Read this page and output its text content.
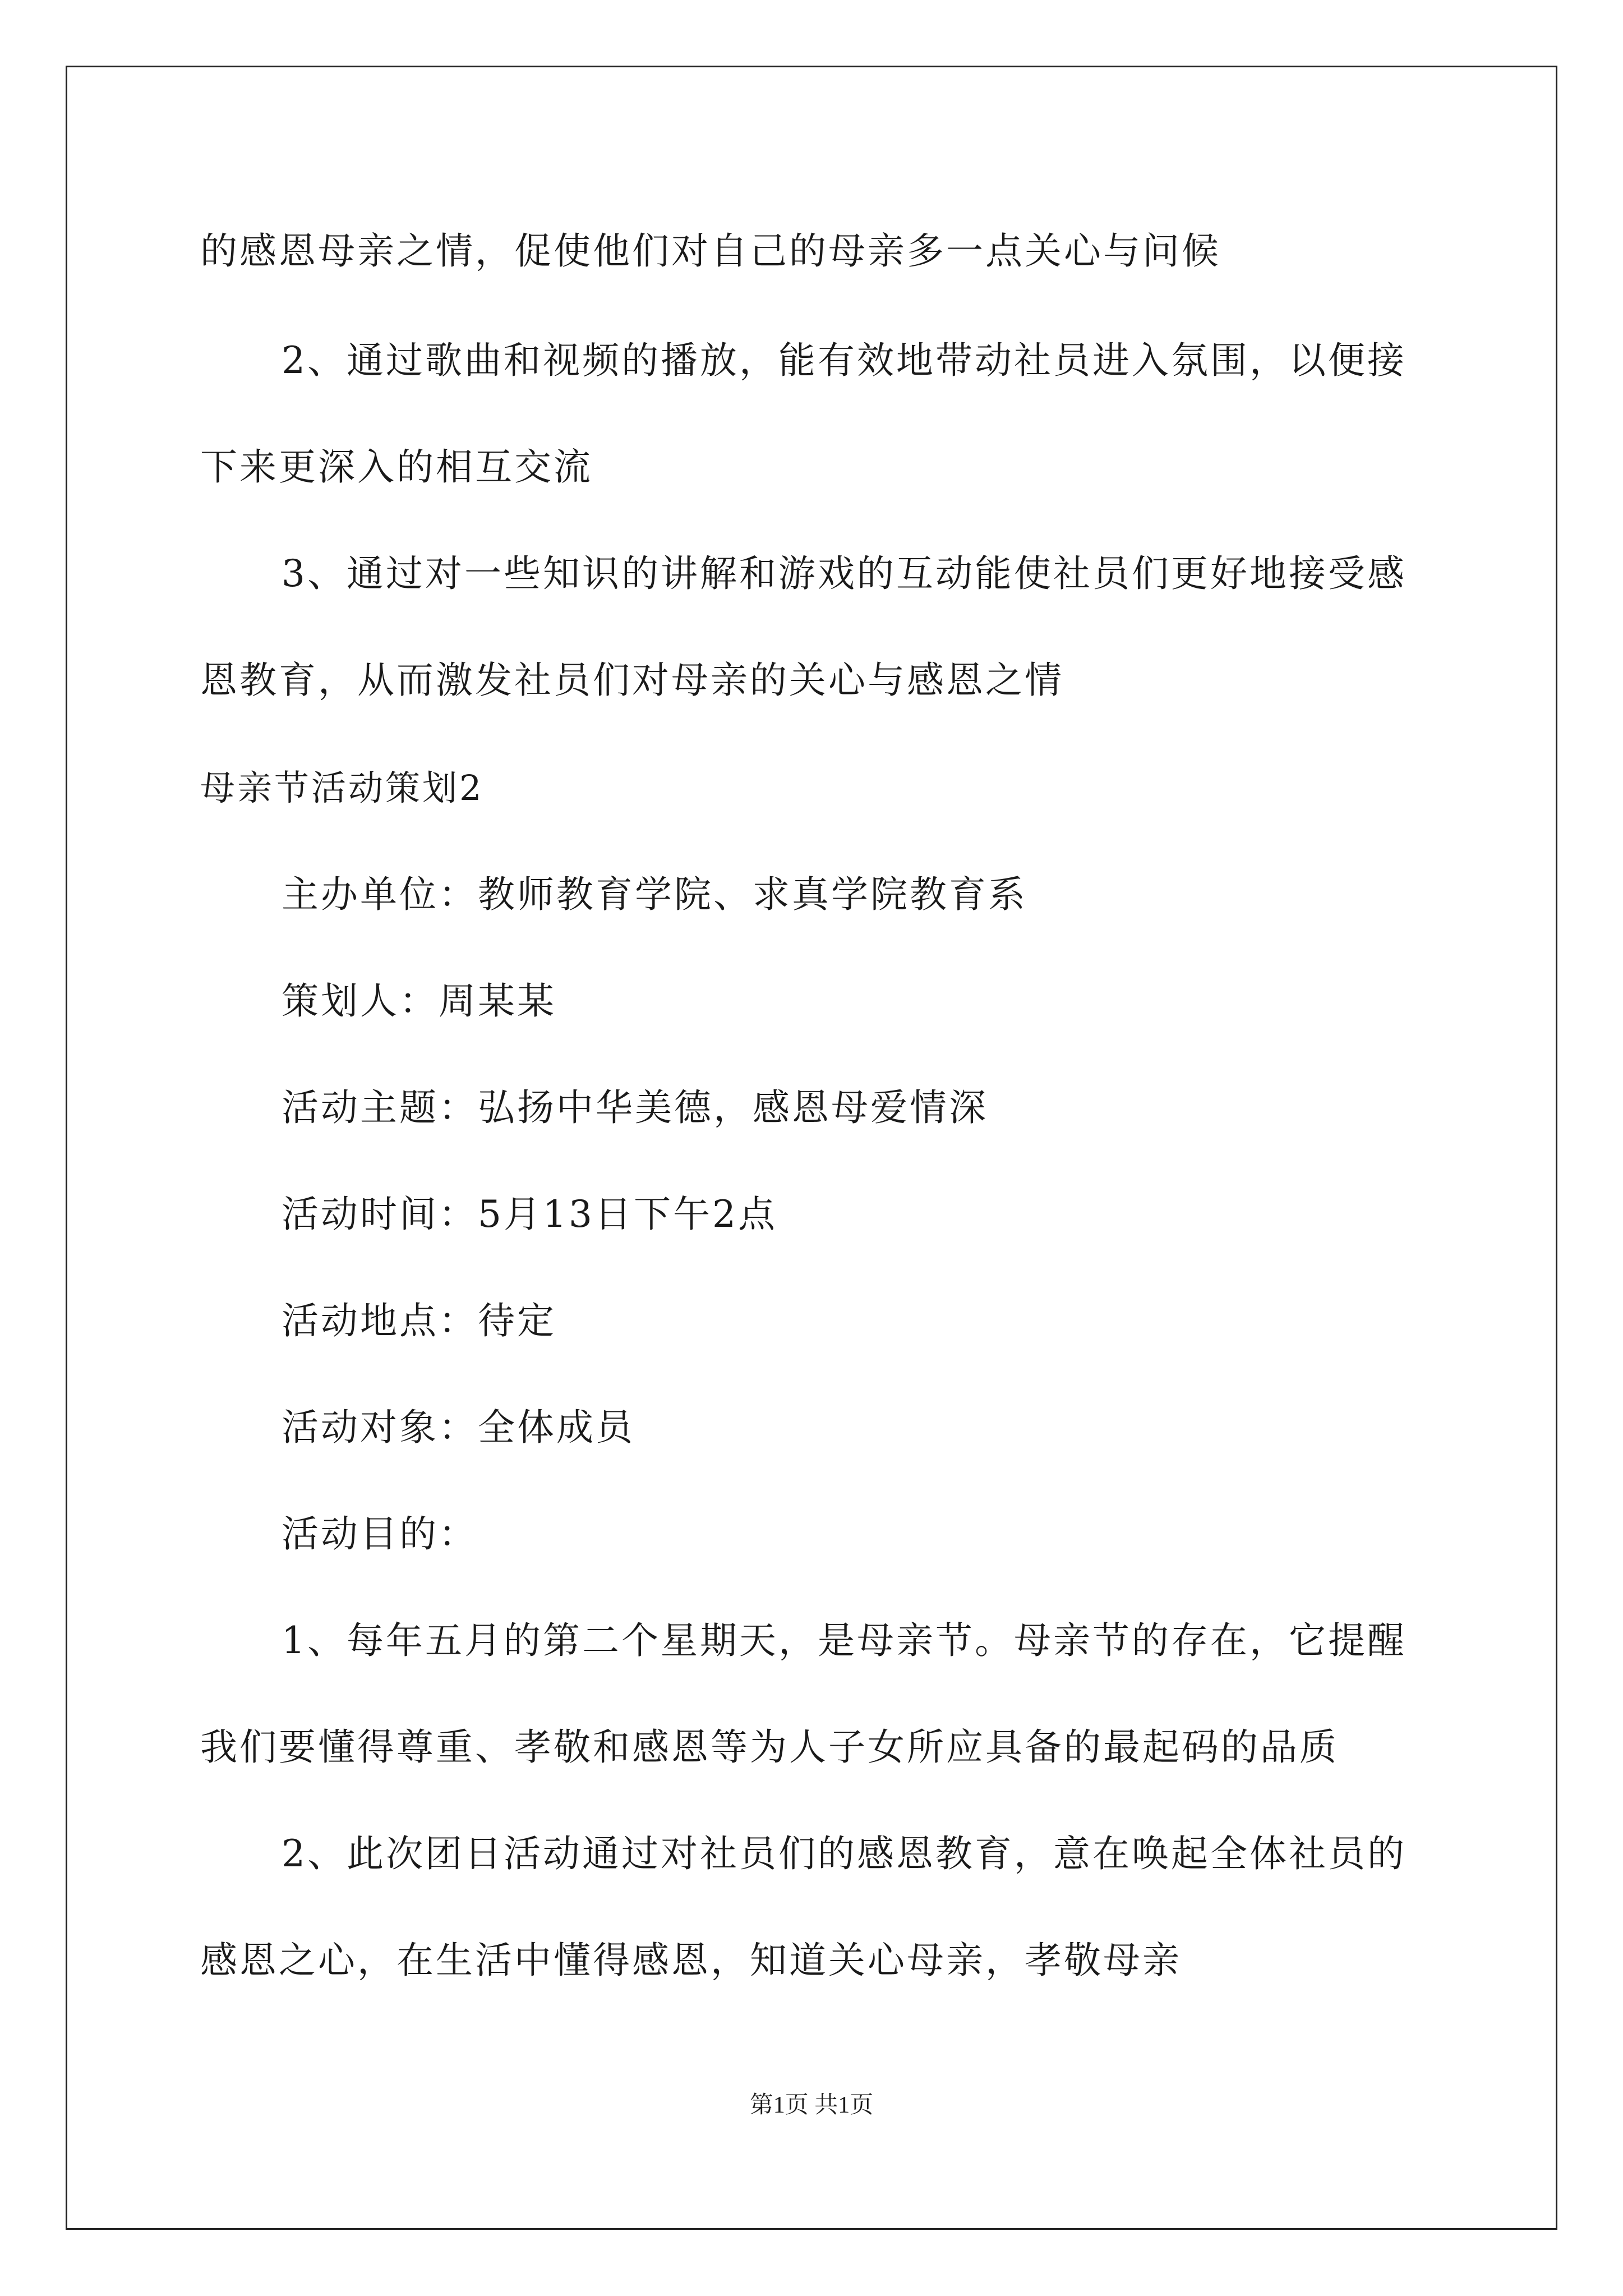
的感恩母亲之情，促使他们对自己的母亲多一点关心与问候
2、通过歌曲和视频的播放，能有效地带动社员进入氛围，以便接
下来更深入的相互交流
3、通过对一些知识的讲解和游戏的互动能使社员们更好地接受感
恩教育，从而激发社员们对母亲的关心与感恩之情
母亲节活动策划2
主办单位：教师教育学院、求真学院教育系
策划人：周某某
活动主题：弘扬中华美德，感恩母爱情深
活动时间：5月13日下午2点
活动地点：待定
活动对象：全体成员
活动目的：
1、每年五月的第二个星期天，是母亲节。母亲节的存在，它提醒
我们要懂得尊重、孝敬和感恩等为人子女所应具备的最起码的品质
2、此次团日活动通过对社员们的感恩教育，意在唤起全体社员的
感恩之心，在生活中懂得感恩，知道关心母亲，孝敬母亲
第1页 共1页
